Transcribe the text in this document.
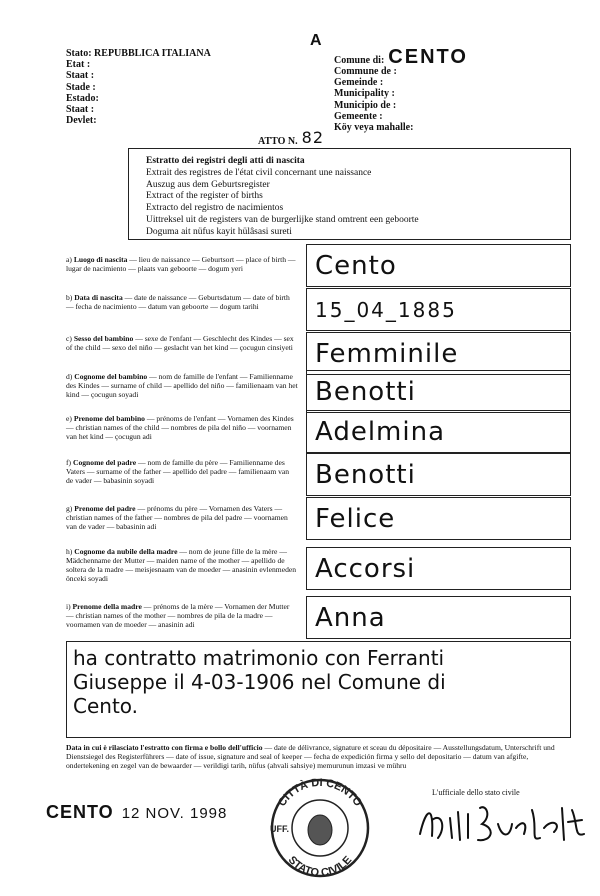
A
Stato: REPUBBLICA ITALIANA
Etat :
Staat :
Stade :
Estado:
Staat :
Devlet:
Comune di: CENTO
Commune de :
Gemeinde :
Municipality :
Municipio de :
Gemeente :
Köy veya mahalle:
ATTO N. 82
Estratto dei registri degli atti di nascita
Extrait des registres de l'état civil concernant une naissance
Auszug aus dem Geburtsregister
Extract of the register of births
Extracto del registro de nacimientos
Uittreksel uit de registers van de burgerlijke stand omtrent een geboorte
Doguma ait nüfus kayit hülâsasi sureti
a) Luogo di nascita — lieu de naissance — Geburtsort — place of birth — lugar de nacimiento — plaats van geboorte — dogum yeri	Cento
b) Data di nascita — date de naissance — Geburtsdatum — date of birth — fecha de nacimiento — datum van geboorte — dogum tarihi	15_04_1885
c) Sesso del bambino — sexe de l'enfant — Geschlecht des Kindes — sex of the child — sexo del niño — geslacht van het kind — çocugun cinsiyeti Femminile
d) Cognome del bambino — nom de famille de l'enfant — Familienname des Kindes — surname of child — apellido del niño — familienaam van het kind — çocugun soyadi	Benotti
e) Prenome del bambino — prénoms de l'enfant — Vornamen des Kindes — christian names of the child — nombres de pila del niño — voornamen van het kind — çocugun adi	Adelmina
f) Cognome del padre — nom de famille du père — Familienname des Vaters — surname of the father — apellido del padre — familienaam van de vader — babasinin soyadi	Benotti
g) Prenome del padre — prénoms du père — Vornamen des Vaters — christian names of the father — nombres de pila del padre — voornamen van de vader — babasinin adi	Felice
h) Cognome da nubile della madre — nom de jeune fille de la mère — Mädchenname der Mutter — maiden name of the mother — apellido de soltera de la madre — meisjesnaam van de moeder — anasinin evlenmeden önceki soyadi	Accorsi
i) Prenome della madre — prénoms de la mère — Vornamen der Mutter — christian names of the mother — nombres de pila de la madre — voornamen van de moeder — anasinin adi	Anna
ha contratto matrimonio con Ferranti
Giuseppe il 4-03-1906 nel Comune di
Cento.
Data in cui è rilasciato l'estratto con firma e bollo dell'ufficio — date de délivrance, signature et sceau du dépositaire — Ausstellungsdatum, Unterschrift und Dienstsiegel des Registerführers — date of issue, signature and seal of keeper — fecha de expedición firma y sello del depositario — datum van afgifte, ondertekening en zegel van de bewaarder — verildigi tarih, nüfus (ahvali sahsiye) memurunun imzasi ve mühru
CENTO 12 NOV. 1998
CITTÀ DI CENTO
STATO CIVILE
UFF.
L'ufficiale dello stato civile
